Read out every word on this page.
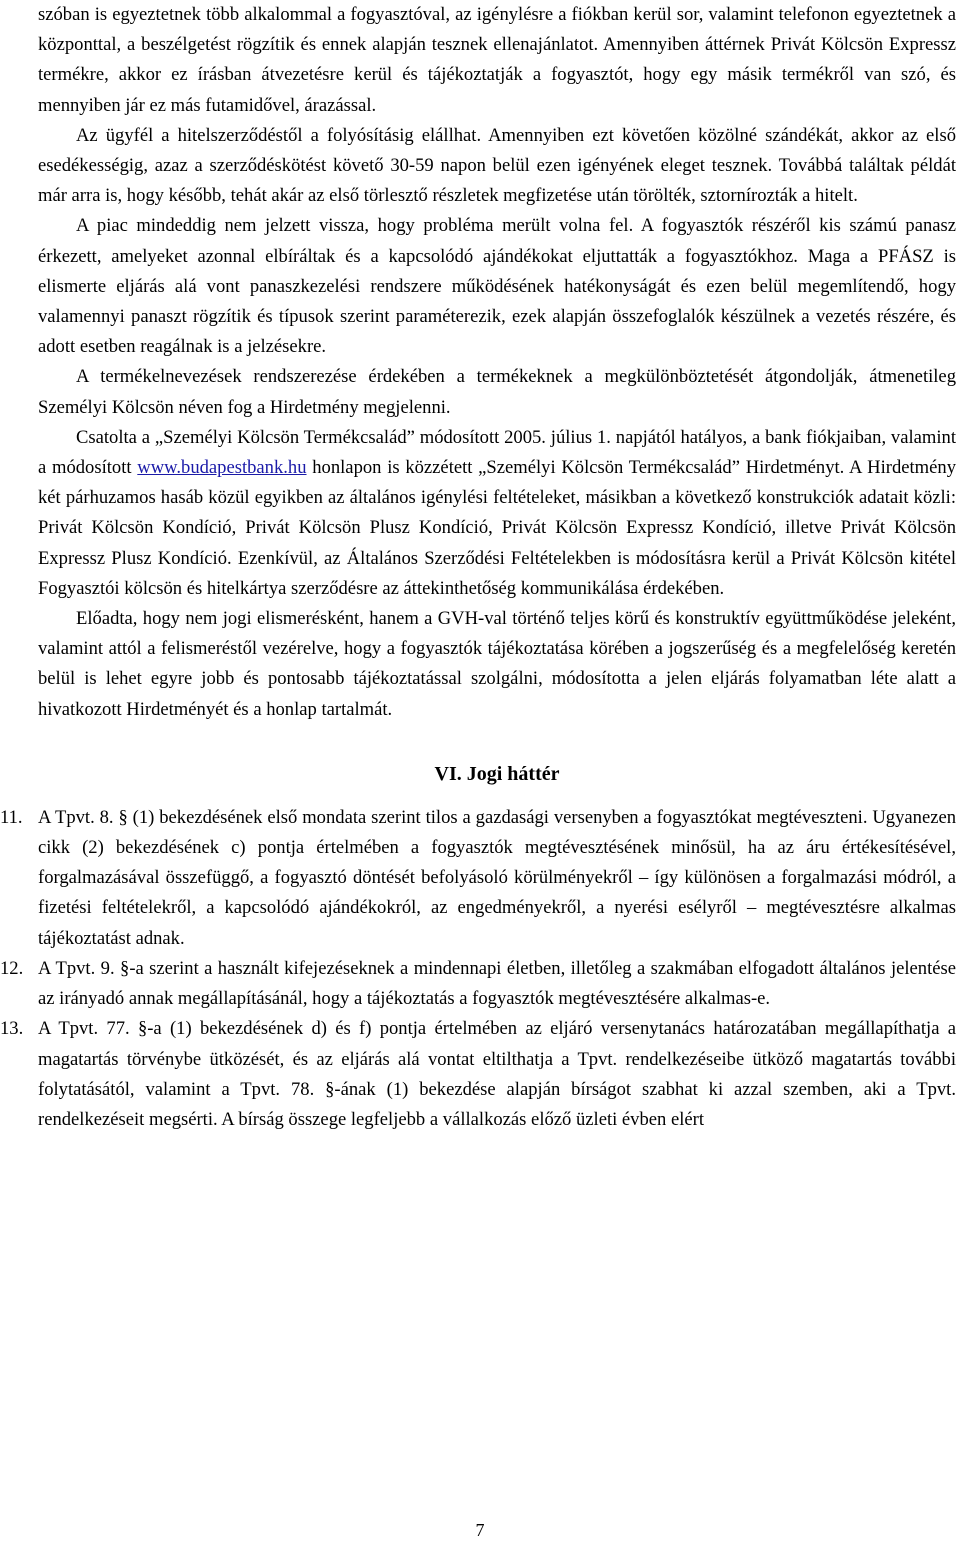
szóban is egyeztetnek több alkalommal a fogyasztóval, az igénylésre a fiókban kerül sor, valamint telefonon egyeztetnek a központtal, a beszélgetést rögzítik és ennek alapján tesznek ellenajánlatot. Amennyiben áttérnek Privát Kölcsön Expressz termékre, akkor ez írásban átvezetésre kerül és tájékoztatják a fogyasztót, hogy egy másik termékről van szó, és mennyiben jár ez más futamidővel, árazással.

Az ügyfél a hitelszerződéstől a folyósításig elállhat. Amennyiben ezt követően közölné szándékát, akkor az első esedékességig, azaz a szerződéskötést követő 30-59 napon belül ezen igényének eleget tesznek. Továbbá találtak példát már arra is, hogy később, tehát akár az első törlesztő részletek megfizetése után törölték, sztornírozták a hitelt.

A piac mindeddig nem jelzett vissza, hogy probléma merült volna fel. A fogyasztók részéről kis számú panasz érkezett, amelyeket azonnal elbíráltak és a kapcsolódó ajándékokat eljuttatták a fogyasztókhoz. Maga a PFÁSZ is elismerte eljárás alá vont panaszkezelési rendszere működésének hatékonyságát és ezen belül megemlítendő, hogy valamennyi panaszt rögzítik és típusok szerint paraméterezik, ezek alapján összefoglalók készülnek a vezetés részére, és adott esetben reagálnak is a jelzésekre.

A termékelnevezések rendszerezése érdekében a termékeknek a megkülönböztetését átgondolják, átmenetileg Személyi Kölcsön néven fog a Hirdetmény megjelenni.

Csatolta a „Személyi Kölcsön Termékcsalád” módosított 2005. július 1. napjától hatályos, a bank fiókjaiban, valamint a módosított www.budapestbank.hu honlapon is közzétett „Személyi Kölcsön Termékcsalád” Hirdetményt. A Hirdetmény két párhuzamos hasáb közül egyikben az általános igénylési feltételeket, másikban a következő konstrukciók adatait közli: Privát Kölcsön Kondíció, Privát Kölcsön Plusz Kondíció, Privát Kölcsön Expressz Kondíció, illetve Privát Kölcsön Expressz Plusz Kondíció. Ezenkívül, az Általános Szerződési Feltételekben is módosításra kerül a Privát Kölcsön kitétel Fogyasztói kölcsön és hitelkártya szerződésre az áttekinthetőség kommunikálása érdekében.

Előadta, hogy nem jogi elismerésként, hanem a GVH-val történő teljes körű és konstruktív együttműködése jeleként, valamint attól a felismeréstől vezérelve, hogy a fogyasztók tájékoztatása körében a jogszerűség és a megfelelőség keretén belül is lehet egyre jobb és pontosabb tájékoztatással szolgálni, módosította a jelen eljárás folyamatban léte alatt a hivatkozott Hirdetményét és a honlap tartalmát.

VI. Jogi háttér

11. A Tpvt. 8. § (1) bekezdésének első mondata szerint tilos a gazdasági versenyben a fogyasztókat megtéveszteni. Ugyanezen cikk (2) bekezdésének c) pontja értelmében a fogyasztók megtévesztésének minősül, ha az áru értékesítésével, forgalmazásával összefüggő, a fogyasztó döntését befolyásoló körülményekről – így különösen a forgalmazási módról, a fizetési feltételekről, a kapcsolódó ajándékokról, az engedményekről, a nyerési esélyről – megtévesztésre alkalmas tájékoztatást adnak.

12. A Tpvt. 9. §-a szerint a használt kifejezéseknek a mindennapi életben, illetőleg a szakmában elfogadott általános jelentése az irányadó annak megállapításánál, hogy a tájékoztatás a fogyasztók megtévesztésére alkalmas-e.

13. A Tpvt. 77. §-a (1) bekezdésének d) és f) pontja értelmében az eljáró versenytanács határozatában megállapíthatja a magatartás törvénybe ütközését, és az eljárás alá vontat eltilthatja a Tpvt. rendelkezéseibe ütköző magatartás további folytatásától, valamint a Tpvt. 78. §-ának (1) bekezdése alapján bírságot szabhat ki azzal szemben, aki a Tpvt. rendelkezéseit megsérti. A bírság összege legfeljebb a vállalkozás előző üzleti évben elért

7
